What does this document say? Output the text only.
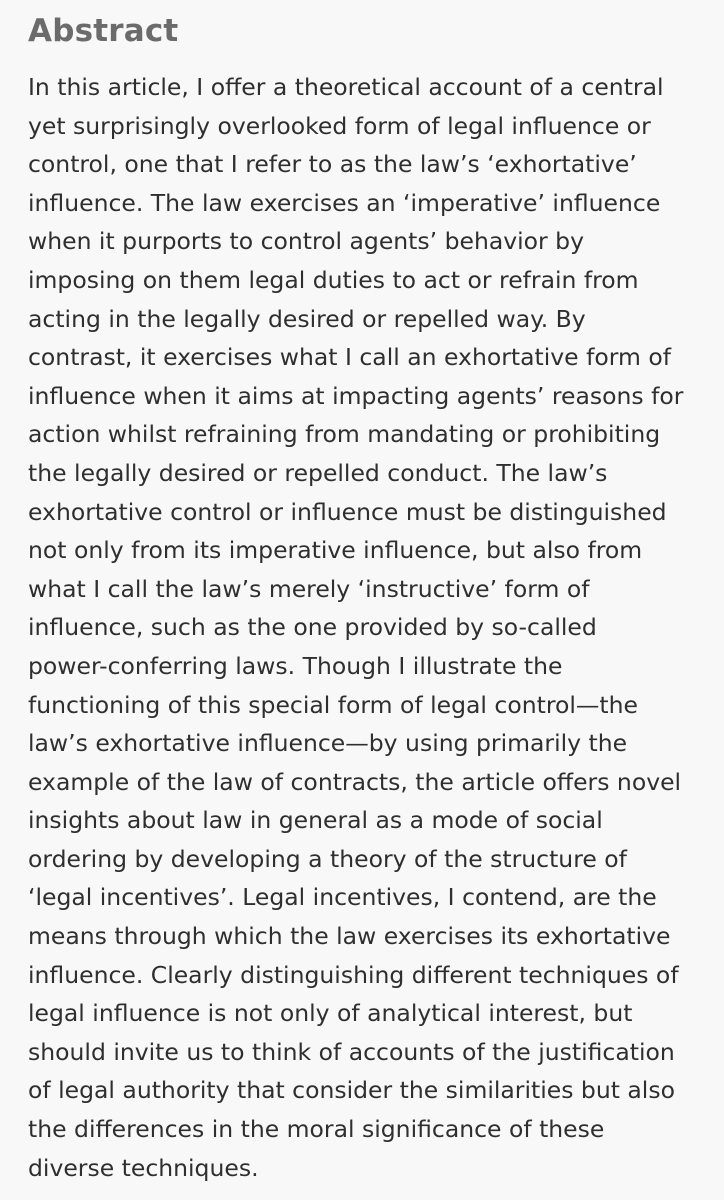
Abstract

In this article, I offer a theoretical account of a central
yet surprisingly overlooked form of legal influence or
control, one that I refer to as the law’s ‘exhortative’
influence. The law exercises an ‘imperative’ influence
when it purports to control agents’ behavior by
imposing on them legal duties to act or refrain from
acting in the legally desired or repelled way. By
contrast, it exercises what I call an exhortative form of
influence when it aims at impacting agents’ reasons for
action whilst refraining from mandating or prohibiting
the legally desired or repelled conduct. The law’s
exhortative control or influence must be distinguished
not only from its imperative influence, but also from
what I call the law’s merely ‘instructive’ form of
influence, such as the one provided by so-called
power-conferring laws. Though I illustrate the
functioning of this special form of legal control—the
law’s exhortative influence—by using primarily the
example of the law of contracts, the article offers novel
insights about law in general as a mode of social
ordering by developing a theory of the structure of
‘legal incentives’. Legal incentives, I contend, are the
means through which the law exercises its exhortative
influence. Clearly distinguishing different techniques of
legal influence is not only of analytical interest, but
should invite us to think of accounts of the justification
of legal authority that consider the similarities but also
the differences in the moral significance of these
diverse techniques.
